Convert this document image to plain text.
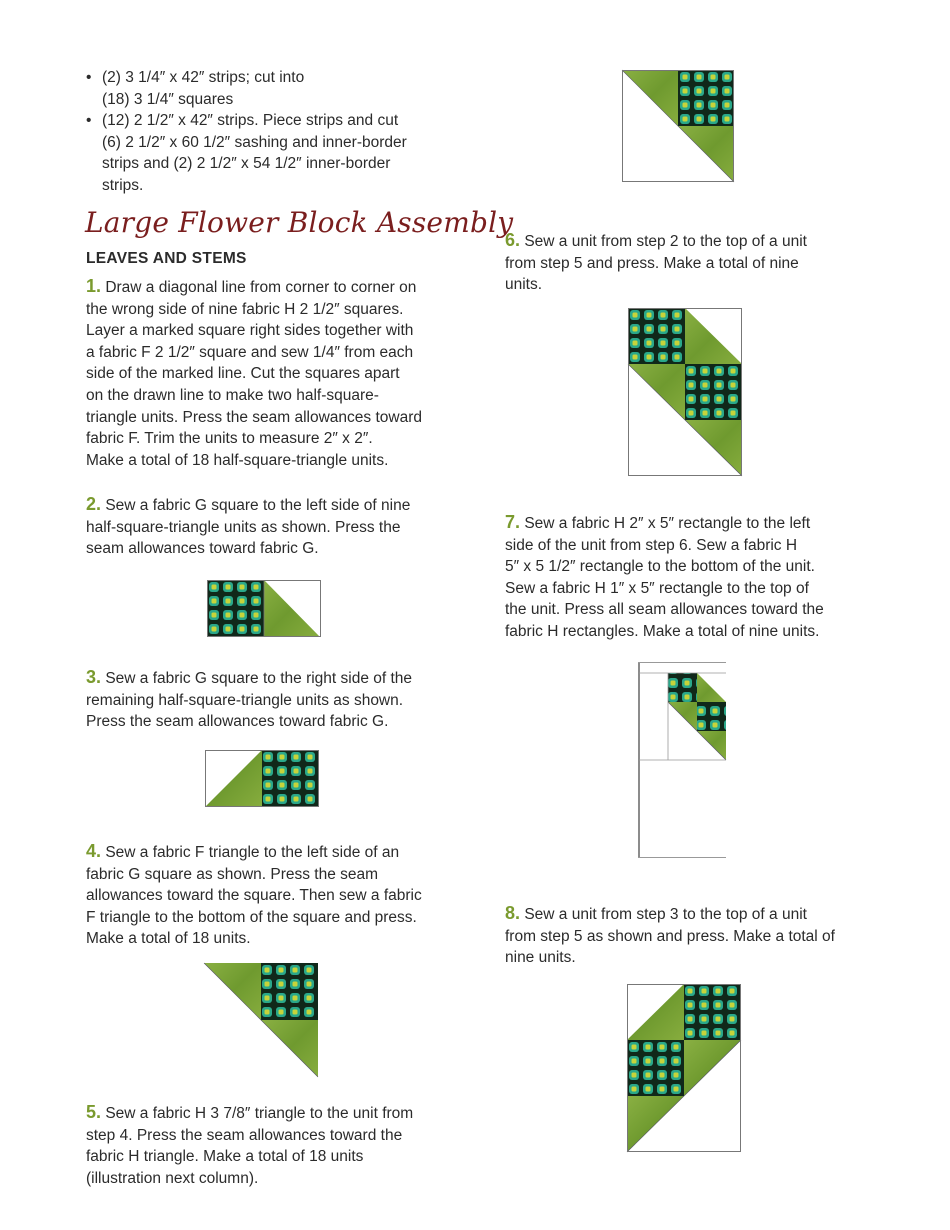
• (2) 3 1/4″ x 42″ strips; cut into
(18) 3 1/4″ squares
• (12) 2 1/2″ x 42″ strips. Piece strips and cut
(6) 2 1/2″ x 60 1/2″ sashing and inner-border
strips and (2) 2 1/2″ x 54 1/2″ inner-border
strips.
Large Flower Block Assembly
LEAVES AND STEMS
1. Draw a diagonal line from corner to corner on
the wrong side of nine fabric H 2 1/2″ squares.
Layer a marked square right sides together with
a fabric F 2 1/2″ square and sew 1/4″ from each
side of the marked line. Cut the squares apart
on the drawn line to make two half-square-
triangle units. Press the seam allowances toward
fabric F. Trim the units to measure 2″ x 2″.
Make a total of 18 half-square-triangle units.
2. Sew a fabric G square to the left side of nine
half-square-triangle units as shown. Press the
seam allowances toward fabric G.
3. Sew a fabric G square to the right side of the
remaining half-square-triangle units as shown.
Press the seam allowances toward fabric G.
4. Sew a fabric F triangle to the left side of an
fabric G square as shown. Press the seam
allowances toward the square. Then sew a fabric
F triangle to the bottom of the square and press.
Make a total of 18 units.
5. Sew a fabric H 3 7/8″ triangle to the unit from
step 4. Press the seam allowances toward the
fabric H triangle. Make a total of 18 units
(illustration next column).
6. Sew a unit from step 2 to the top of a unit
from step 5 and press. Make a total of nine
units.
7. Sew a fabric H 2″ x 5″ rectangle to the left
side of the unit from step 6. Sew a fabric H
5″ x 5 1/2″ rectangle to the bottom of the unit.
Sew a fabric H 1″ x 5″ rectangle to the top of
the unit. Press all seam allowances toward the
fabric H rectangles. Make a total of nine units.
8. Sew a unit from step 3 to the top of a unit
from step 5 as shown and press. Make a total of
nine units.
